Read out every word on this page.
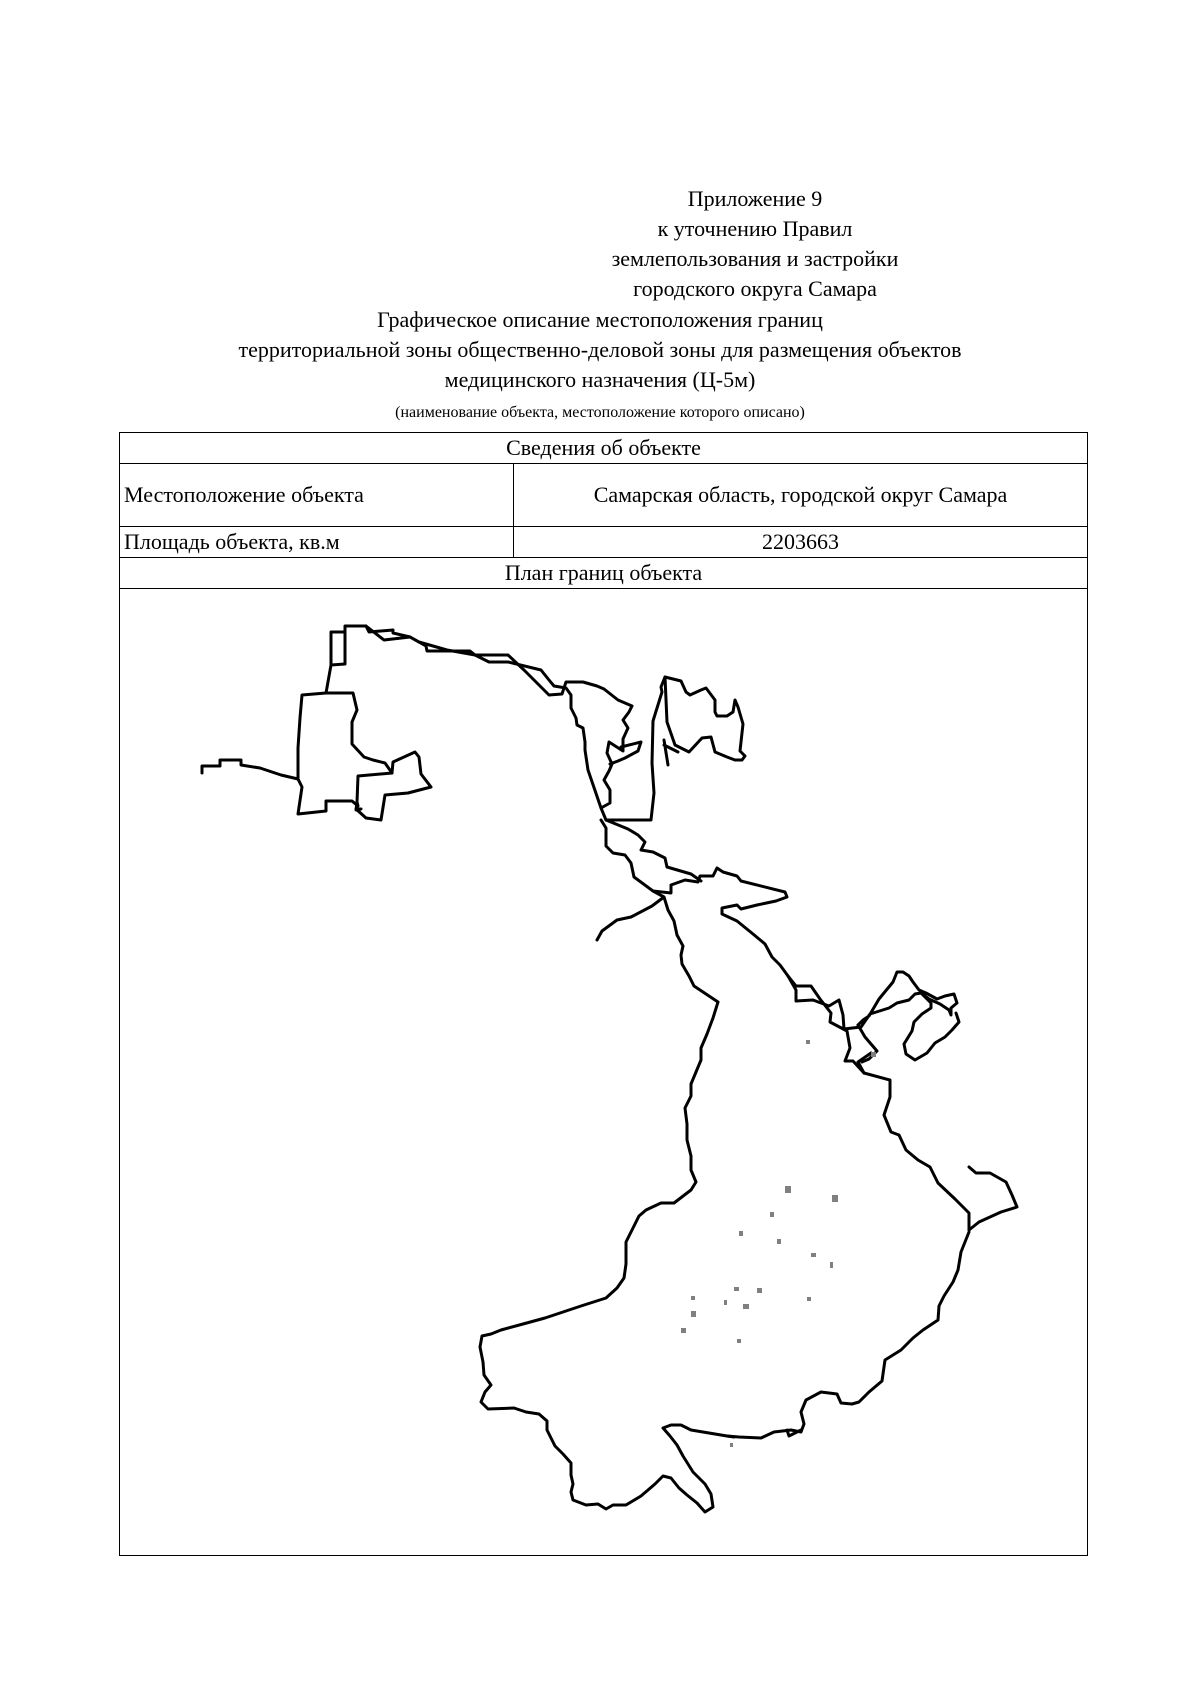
Приложение 9
к уточнению Правил
землепользования и застройки
городского округа Самара
Графическое описание местоположения границ
территориальной зоны общественно-деловой зоны для размещения объектов
медицинского назначения (Ц-5м)
(наименование объекта, местоположение которого описано)
Сведения об объекте
Местоположение объекта	Самарская область, городской округ Самара
Площадь объекта, кв.м	2203663
План границ объекта
